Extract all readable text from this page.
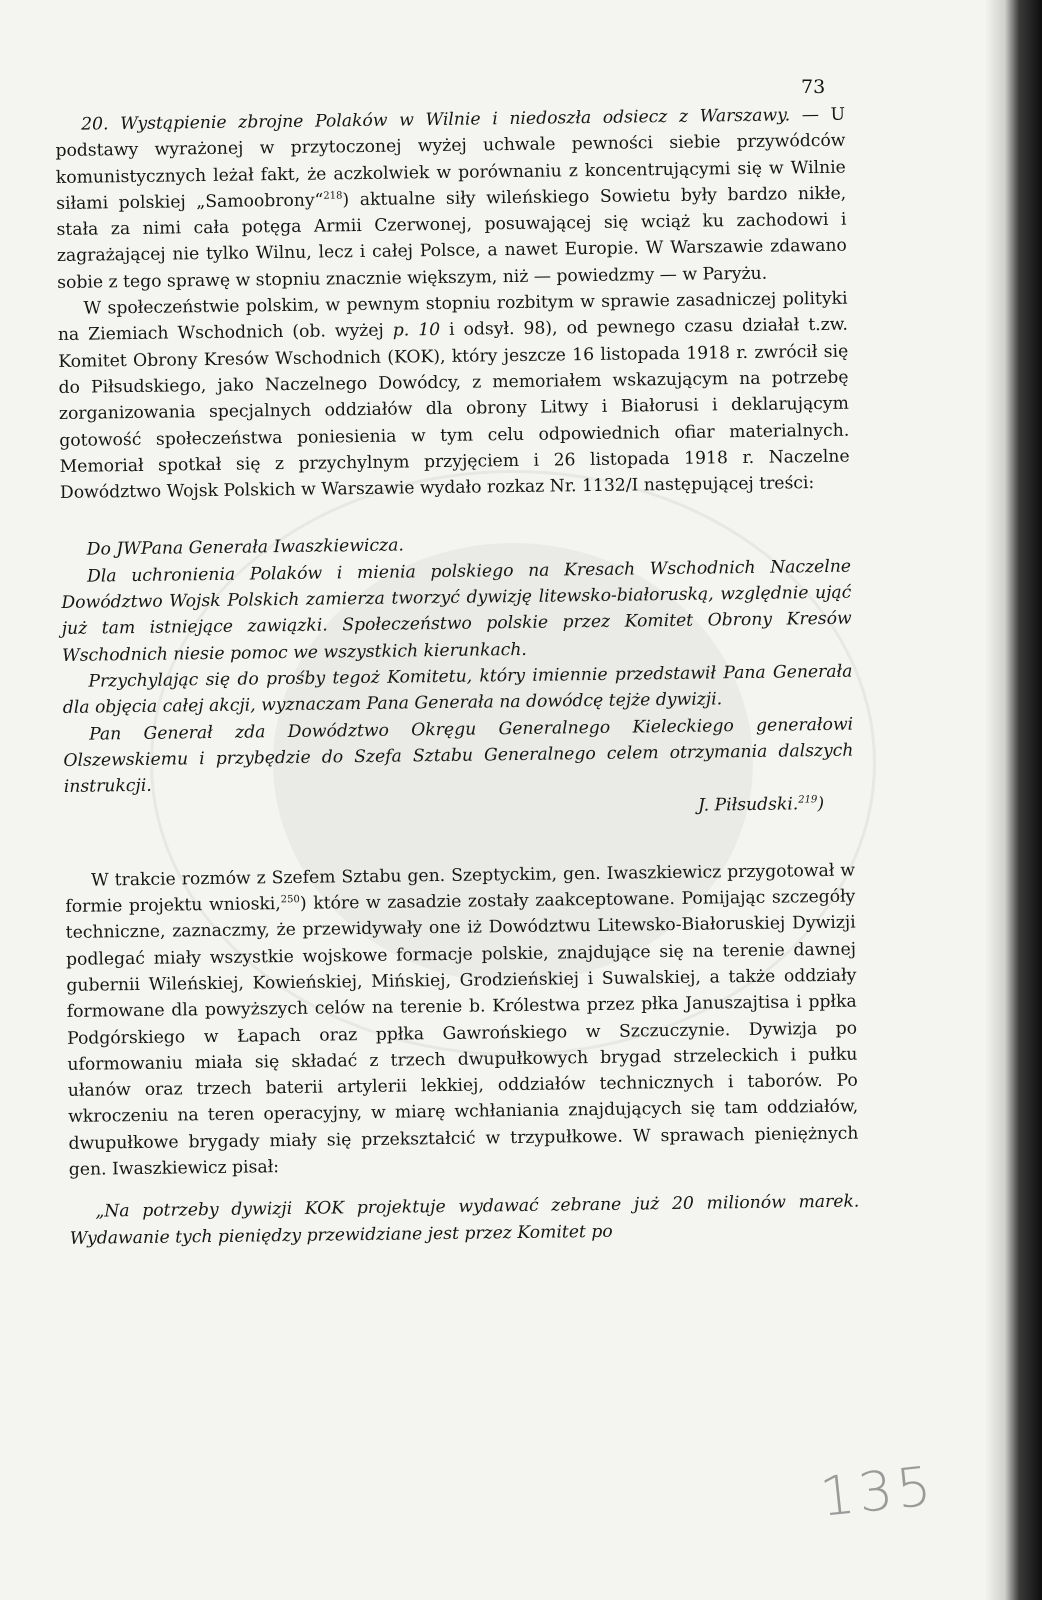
73

20. Wystąpienie zbrojne Polaków w Wilnie i niedoszła odsiecz z Warszawy. — U podstawy wyrażonej w przytoczonej wyżej uchwale pewności siebie przywódców komunistycznych leżał fakt, że aczkolwiek w porównaniu z koncentrującymi się w Wilnie siłami polskiej „Samoobrony“$^{218}$) aktualne siły wileńskiego Sowietu były bardzo nikłe, stała za nimi cała potęga Armii Czerwonej, posuwającej się wciąż ku zachodowi i zagrażającej nie tylko Wilnu, lecz i całej Polsce, a nawet Europie. W Warszawie zdawano sobie z tego sprawę w stopniu znacznie większym, niż — powiedzmy — w Paryżu.

W społeczeństwie polskim, w pewnym stopniu rozbitym w sprawie zasadniczej polityki na Ziemiach Wschodnich (ob. wyżej p. 10 i odsył. 98), od pewnego czasu działał t.zw. Komitet Obrony Kresów Wschodnich (KOK), który jeszcze 16 listopada 1918 r. zwrócił się do Piłsudskiego, jako Naczelnego Dowódcy, z memoriałem wskazującym na potrzebę zorganizowania specjalnych oddziałów dla obrony Litwy i Białorusi i deklarującym gotowość społeczeństwa poniesienia w tym celu odpowiednich ofiar materialnych. Memoriał spotkał się z przychylnym przyjęciem i 26 listopada 1918 r. Naczelne Dowództwo Wojsk Polskich w Warszawie wydało rozkaz Nr. 1132/I następującej treści:

Do JWPana Generała Iwaszkiewicza.

Dla uchronienia Polaków i mienia polskiego na Kresach Wschodnich Naczelne Dowództwo Wojsk Polskich zamierza tworzyć dywizję litewsko-białoruską, względnie ująć już tam istniejące zawiązki. Społeczeństwo polskie przez Komitet Obrony Kresów Wschodnich niesie pomoc we wszystkich kierunkach.

Przychylając się do prośby tegoż Komitetu, który imiennie przedstawił Pana Generała dla objęcia całej akcji, wyznaczam Pana Generała na dowódcę tejże dywizji.

Pan Generał zda Dowództwo Okręgu Generalnego Kieleckiego generałowi Olszewskiemu i przybędzie do Szefa Sztabu Generalnego celem otrzymania dalszych instrukcji.

J. Piłsudski.$^{219}$)

W trakcie rozmów z Szefem Sztabu gen. Szeptyckim, gen. Iwaszkiewicz przygotował w formie projektu wnioski,$^{250}$) które w zasadzie zostały zaakceptowane. Pomijając szczegóły techniczne, zaznaczmy, że przewidywały one iż Dowództwu Litewsko-Białoruskiej Dywizji podlegać miały wszystkie wojskowe formacje polskie, znajdujące się na terenie dawnej gubernii Wileńskiej, Kowieńskiej, Mińskiej, Grodzieńskiej i Suwalskiej, a także oddziały formowane dla powyższych celów na terenie b. Królestwa przez płka Januszajtisa i ppłka Podgórskiego w Łapach oraz ppłka Gawrońskiego w Szczuczynie. Dywizja po uformowaniu miała się składać z trzech dwupułkowych brygad strzeleckich i pułku ułanów oraz trzech baterii artylerii lekkiej, oddziałów technicznych i taborów. Po wkroczeniu na teren operacyjny, w miarę wchłaniania znajdujących się tam oddziałów, dwupułkowe brygady miały się przekształcić w trzypułkowe. W sprawach pieniężnych gen. Iwaszkiewicz pisał:

„Na potrzeby dywizji KOK projektuje wydawać zebrane już 20 milionów marek. Wydawanie tych pieniędzy przewidziane jest przez Komitet po

135
